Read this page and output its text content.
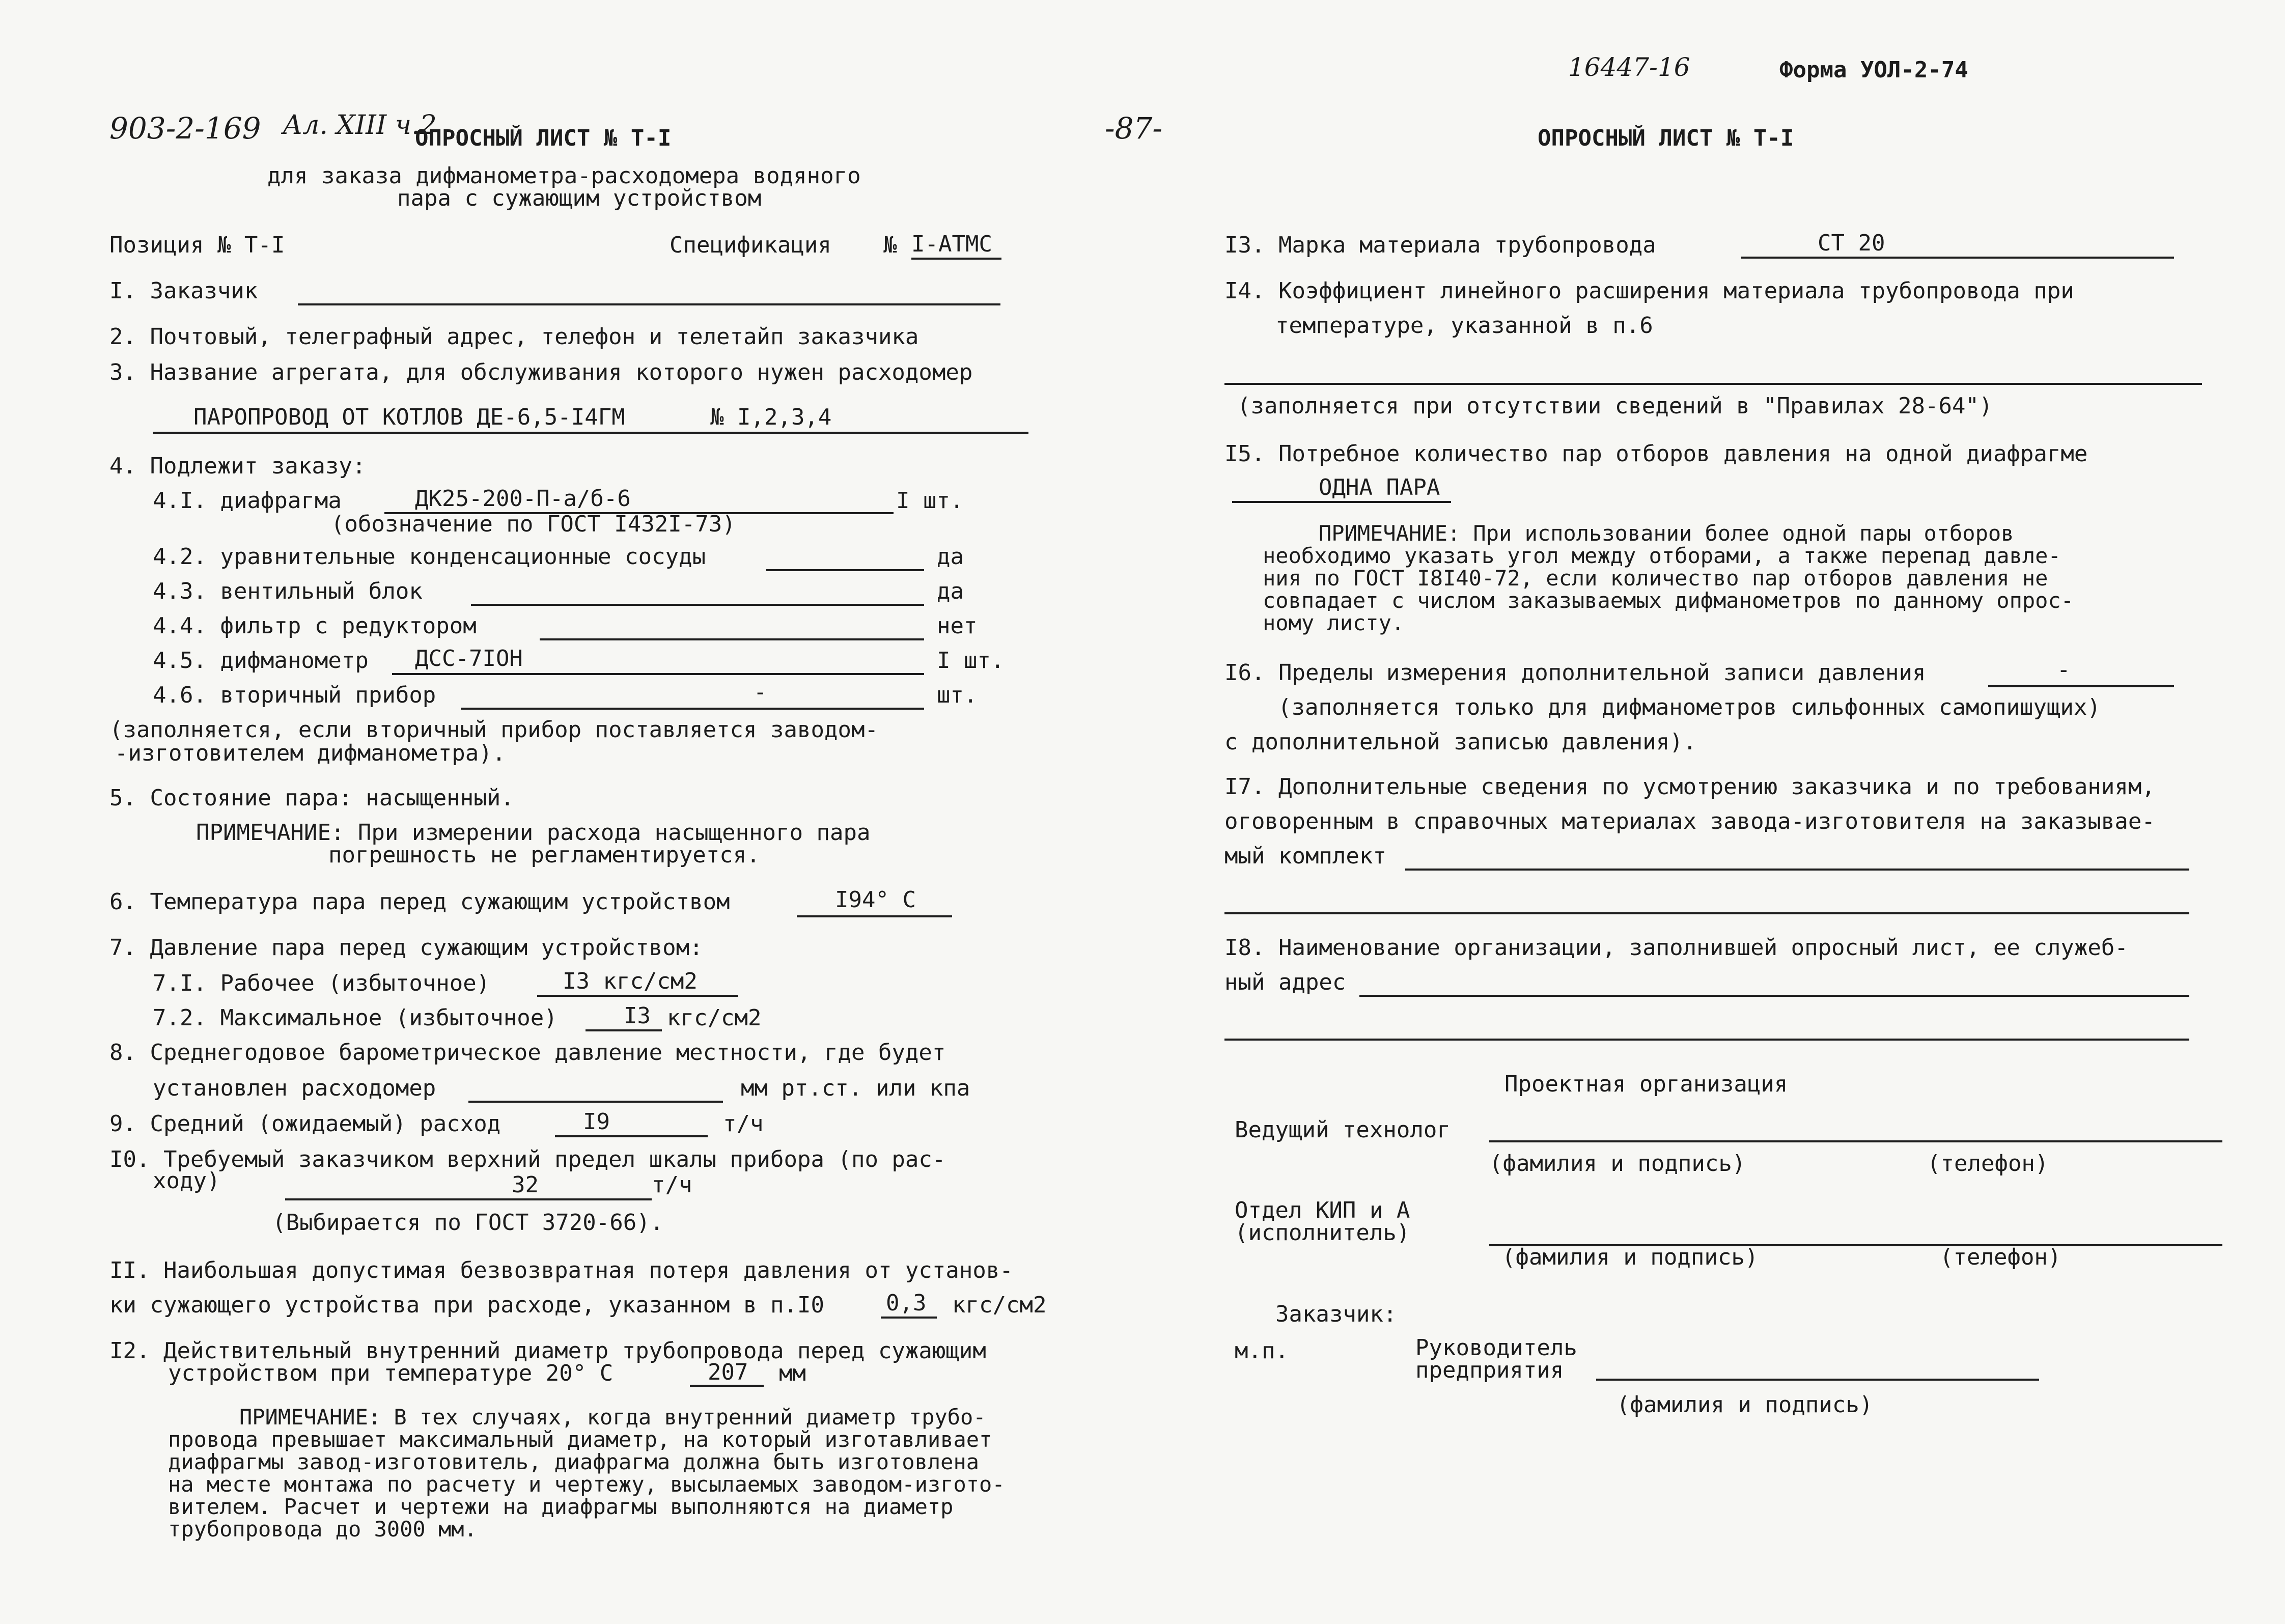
903-2-169 Ал. XIII ч.2	-87-
16447-16	Форма УОЛ-2-74
ОПРОСНЫЙ ЛИСТ № Т-I
для заказа дифманометра-расходомера водяного
пара с сужающим устройством
Позиция № Т-I	Спецификация № I-АТМС
I. Заказчик
2. Почтовый, телеграфный адрес, телефон и телетайп заказчика
3. Название агрегата, для обслуживания которого нужен расходомер
ПАРОПРОВОД ОТ КОТЛОВ ДЕ-6,5-I4ГМ	№ I,2,3,4
4. Подлежит заказу:
4.I. диафрагма	ДК25-200-П-а/б-6	I шт.
(обозначение по ГОСТ I432I-73)
4.2. уравнительные конденсационные сосуды	да
4.3. вентильный блок	да
4.4. фильтр с редуктором	нет
4.5. дифманометр ДСС-7IОН	I шт.
4.6. вторичный прибор	-	шт.
(заполняется, если вторичный прибор поставляется заводом-
-изготовителем дифманометра).
5. Состояние пара: насыщенный.
ПРИМЕЧАНИЕ: При измерении расхода насыщенного пара
погрешность не регламентируется.
6. Температура пара перед сужающим устройством	I94° С
7. Давление пара перед сужающим устройством:
7.I. Рабочее (избыточное)	I3 кгс/см2
7.2. Максимальное (избыточное)	I3 кгс/см2
8. Среднегодовое барометрическое давление местности, где будет
установлен расходомер	мм рт.ст. или кпа
9. Средний (ожидаемый) расход	I9	т/ч
I0. Требуемый заказчиком верхний предел шкалы прибора (по рас-
ходу)	32	т/ч
(Выбирается по ГОСТ 3720-66).
II. Наибольшая допустимая безвозвратная потеря давления от установ-
ки сужающего устройства при расходе, указанном в п.I0	0,3 кгс/см2
I2. Действительный внутренний диаметр трубопровода перед сужающим
устройством при температуре 20° С	207 мм
ПРИМЕЧАНИЕ: В тех случаях, когда внутренний диаметр трубо-
провода превышает максимальный диаметр, на который изготавливает
диафрагмы завод-изготовитель, диафрагма должна быть изготовлена
на месте монтажа по расчету и чертежу, высылаемых заводом-изгото-
вителем. Расчет и чертежи на диафрагмы выполняются на диаметр
трубопровода до 3000 мм.
ОПРОСНЫЙ ЛИСТ № Т-I
I3. Марка материала трубопровода	СТ 20
I4. Коэффициент линейного расширения материала трубопровода при
температуре, указанной в п.6
(заполняется при отсутствии сведений в "Правилах 28-64")
I5. Потребное количество пар отборов давления на одной диафрагме
ОДНА ПАРА
ПРИМЕЧАНИЕ: При использовании более одной пары отборов
необходимо указать угол между отборами, а также перепад давле-
ния по ГОСТ I8I40-72, если количество пар отборов давления не
совпадает с числом заказываемых дифманометров по данному опрос-
ному листу.
I6. Пределы измерения дополнительной записи давления	-
(заполняется только для дифманометров сильфонных самопишущих)
с дополнительной записью давления).
I7. Дополнительные сведения по усмотрению заказчика и по требованиям,
оговоренным в справочных материалах завода-изготовителя на заказывае-
мый комплект
I8. Наименование организации, заполнившей опросный лист, ее служеб-
ный адрес
Проектная организация
Ведущий технолог
(фамилия и подпись)	(телефон)
Отдел КИП и А
(исполнитель)
(фамилия и подпись)	(телефон)
Заказчик:
м.п.	Руководитель
предприятия
(фамилия и подпись)
